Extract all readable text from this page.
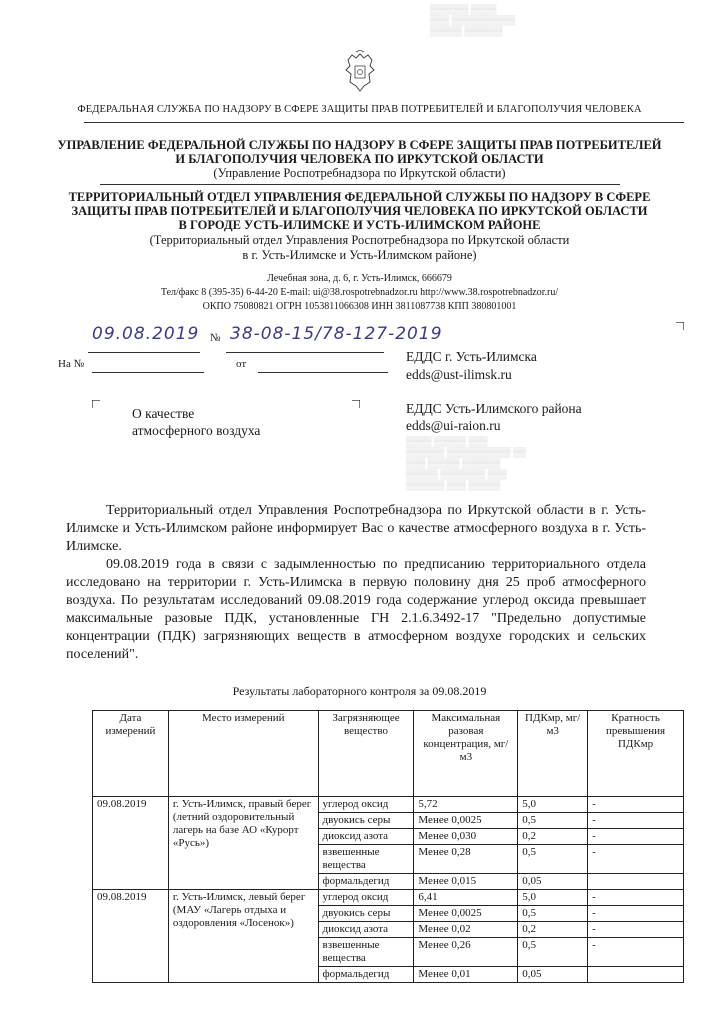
ФЕДЕРАЛЬНАЯ СЛУЖБА ПО НАДЗОРУ В СФЕРЕ ЗАЩИТЫ ПРАВ ПОТРЕБИТЕЛЕЙ И БЛАГОПОЛУЧИЯ ЧЕЛОВЕКА
УПРАВЛЕНИЕ ФЕДЕРАЛЬНОЙ СЛУЖБЫ ПО НАДЗОРУ В СФЕРЕ ЗАЩИТЫ ПРАВ ПОТРЕБИТЕЛЕЙ
И БЛАГОПОЛУЧИЯ ЧЕЛОВЕКА ПО ИРКУТСКОЙ ОБЛАСТИ
(Управление Роспотребнадзора по Иркутской области)
ТЕРРИТОРИАЛЬНЫЙ ОТДЕЛ УПРАВЛЕНИЯ ФЕДЕРАЛЬНОЙ СЛУЖБЫ ПО НАДЗОРУ В СФЕРЕ
ЗАЩИТЫ ПРАВ ПОТРЕБИТЕЛЕЙ И БЛАГОПОЛУЧИЯ ЧЕЛОВЕКА ПО ИРКУТСКОЙ ОБЛАСТИ
В ГОРОДЕ УСТЬ-ИЛИМСКЕ И УСТЬ-ИЛИМСКОМ РАЙОНЕ
(Территориальный отдел Управления Роспотребнадзора по Иркутской области
в г. Усть-Илимске и Усть-Илимском районе)
Лечебная зона, д. 6, г. Усть-Илимск, 666679
Тел/факс 8 (395-35) 6-44-20 E-mail: ui@38.rospotrebnadzor.ru http://www.38.rospotrebnadzor.ru/
ОКПО 75080821 ОГРН 1053811066308 ИНН 3811087738 КПП 380801001
09.08.2019 № 38-08-15/78-127-2019
На №	от	ЕДДС г. Усть-Илимска
edds@ust-ilimsk.ru
ЕДДС Усть-Илимского района
edds@ui-raion.ru
О качестве
атмосферного воздуха
▒▒▒▒ ▒▒▒▒▒ ▒▒▒
▒▒▒▒▒▒ ▒▒▒▒▒▒▒▒▒▒ ▒▒
▒▒▒ ▒▒▒▒▒ ▒▒▒▒▒▒
▒▒▒▒▒ ▒▒▒▒▒▒▒ ▒▒▒
▒▒▒▒▒▒ ▒▒▒ ▒▒▒▒▒
▒▒▒▒▒▒ ▒▒▒▒
▒▒▒ ▒▒▒▒▒▒▒▒▒▒
▒▒▒▒▒ ▒▒▒▒▒▒
Территориальный отдел Управления Роспотребнадзора по Иркутской области в г. Усть-Илимске и Усть-Илимском районе информирует Вас о качестве атмосферного воздуха в г. Усть-Илимске.
09.08.2019 года в связи с задымленностью по предписанию территориального отдела исследовано на территории г. Усть-Илимска в первую половину дня 25 проб атмосферного воздуха. По результатам исследований 09.08.2019 года содержание углерод оксида превышает максимальные разовые ПДК, установленные ГН 2.1.6.3492-17 "Предельно допустимые концентрации (ПДК) загрязняющих веществ в атмосферном воздухе городских и сельских поселений".
Результаты лабораторного контроля за 09.08.2019
Дата измерений	Место измерений	Загрязняющее вещество	Максимальная разовая концентрация, мг/м3	ПДКмр, мг/м3	Кратность превышения ПДКмр
09.08.2019	г. Усть-Илимск, правый берег (летний оздоровительный лагерь на базе АО «Курорт «Русь»)	углерод оксид	5,72	5,0	-
		двуокись серы	Менее 0,0025	0,5	-
		диоксид азота	Менее 0,030	0,2	-
		взвешенные вещества	Менее 0,28	0,5	-
		формальдегид	Менее 0,015	0,05	
09.08.2019	г. Усть-Илимск, левый берег (МАУ «Лагерь отдыха и оздоровления «Лосенок»)	углерод оксид	6,41	5,0	-
		двуокись серы	Менее 0,0025	0,5	-
		диоксид азота	Менее 0,02	0,2	-
		взвешенные вещества	Менее 0,26	0,5	-
		формальдегид	Менее 0,01	0,05	
